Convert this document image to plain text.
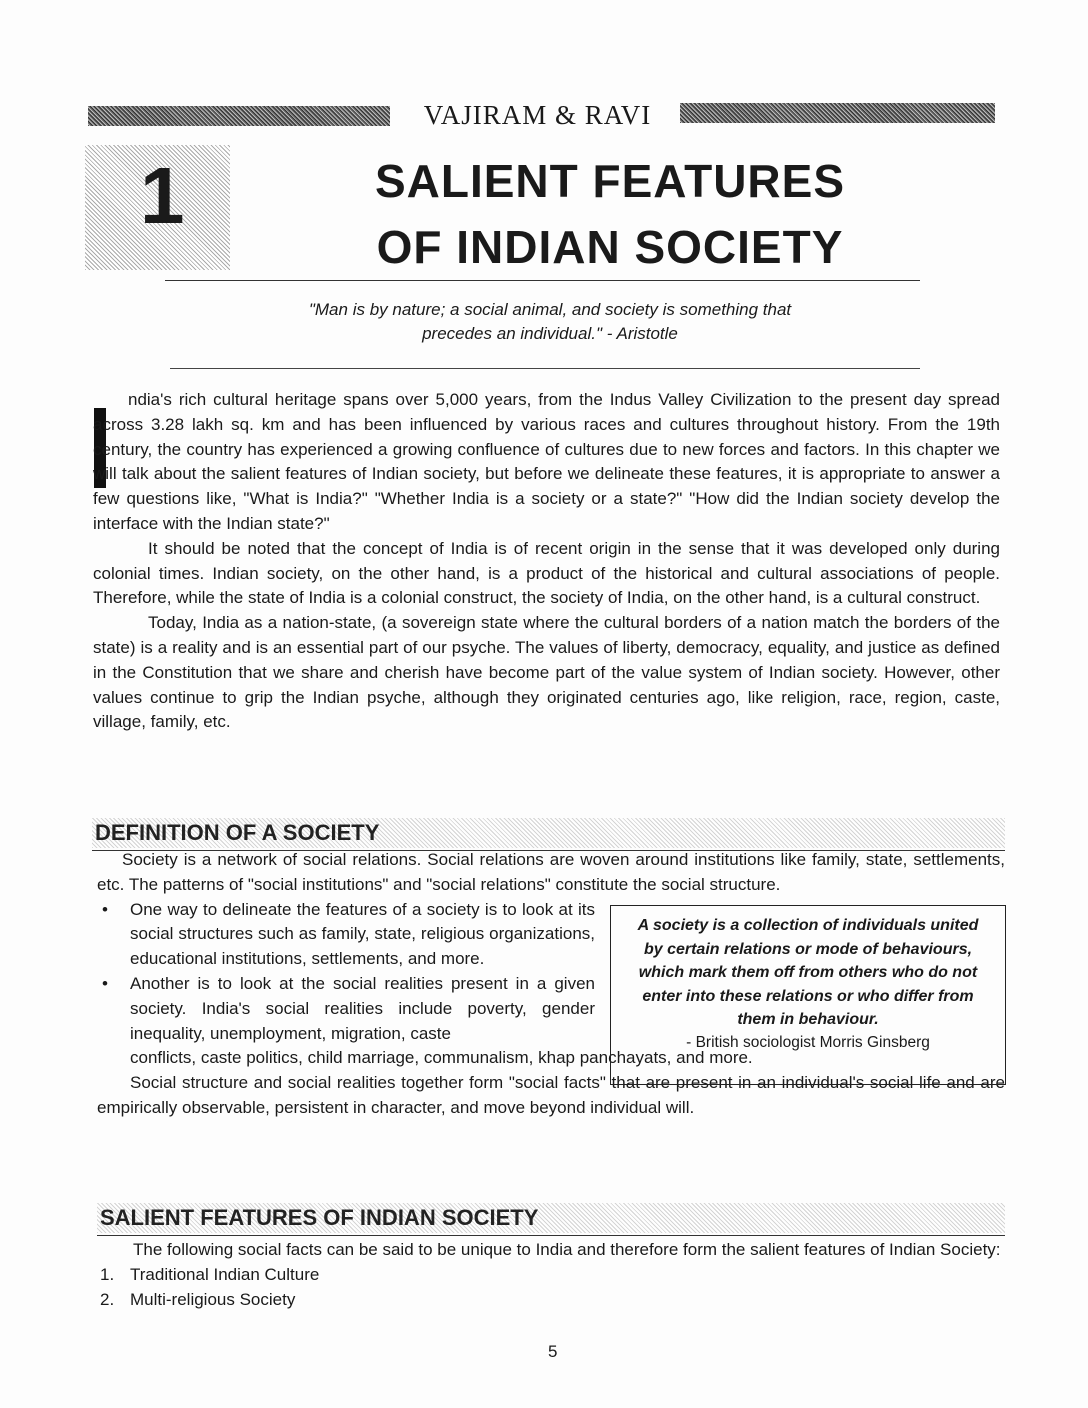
VAJIRAM & RAVI
1	SALIENT FEATURES
OF INDIAN SOCIETY
"Man is by nature; a social animal, and society is something that
precedes an individual." - Aristotle

ndia's rich cultural heritage spans over 5,000 years, from the Indus Valley Civilization to the present day spread across 3.28 lakh sq. km and has been influenced by various races and cultures throughout history. From the 19th century, the country has experienced a growing confluence of cultures due to new forces and factors. In this chapter we will talk about the salient features of Indian society, but before we delineate these features, it is appropriate to answer a few questions like, "What is India?" "Whether India is a society or a state?" "How did the Indian society develop the interface with the Indian state?"

It should be noted that the concept of India is of recent origin in the sense that it was developed only during colonial times. Indian society, on the other hand, is a product of the historical and cultural associations of people. Therefore, while the state of India is a colonial construct, the society of India, on the other hand, is a cultural construct.

Today, India as a nation-state, (a sovereign state where the cultural borders of a nation match the borders of the state) is a reality and is an essential part of our psyche. The values of liberty, democracy, equality, and justice as defined in the Constitution that we share and cherish have become part of the value system of Indian society. However, other values continue to grip the Indian psyche, although they originated centuries ago, like religion, race, region, caste, village, family, etc.

DEFINITION OF A SOCIETY

Society is a network of social relations. Social relations are woven around institutions like family, state, settlements, etc. The patterns of "social institutions" and "social relations" constitute the social structure.

• One way to delineate the features of a society is to look at its social structures such as family, state, religious organizations, educational institutions, settlements, and more.
• Another is to look at the social realities present in a given society. India's social realities include poverty, gender inequality, unemployment, migration, caste

conflicts, caste politics, child marriage, communalism, khap panchayats, and more.

Social structure and social realities together form "social facts" that are present in an individual's social life and are empirically observable, persistent in character, and move beyond individual will.

A society is a collection of individuals united by certain relations or mode of behaviours, which mark them off from others who do not enter into these relations or who differ from them in behaviour.
- British sociologist Morris Ginsberg
SALIENT FEATURES OF INDIAN SOCIETY

The following social facts can be said to be unique to India and therefore form the salient features of Indian Society:

1. Traditional Indian Culture
2. Multi-religious Society
5
